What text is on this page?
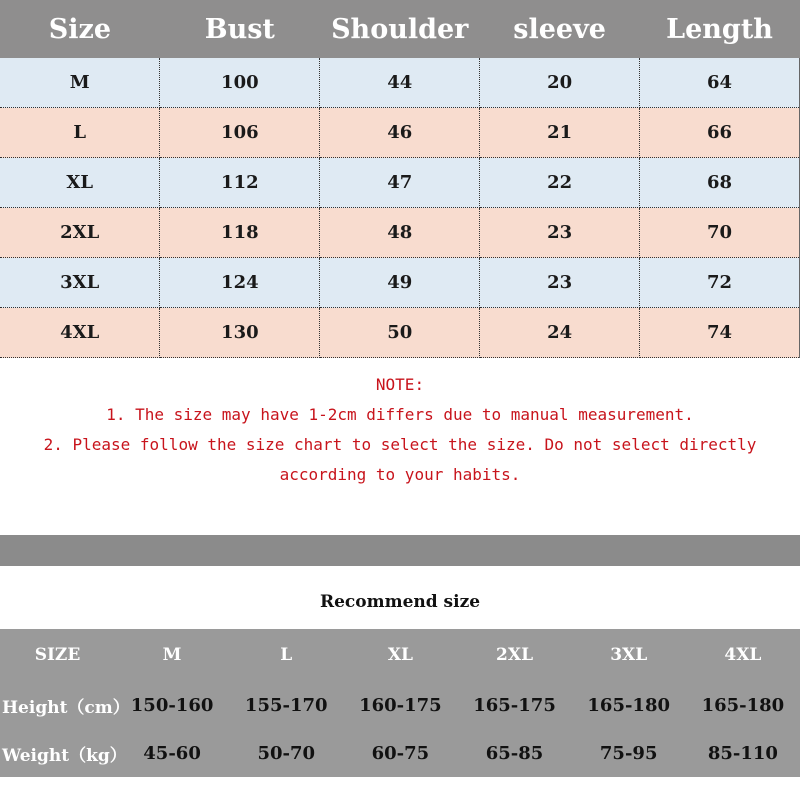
Size	Bust	Shoulder	sleeve	Length
M	100	44	20	64
L	106	46	21	66
XL	112	47	22	68
2XL	118	48	23	70
3XL	124	49	23	72
4XL	130	50	24	74
NOTE:
1. The size may have 1-2cm differs due to manual measurement.
2. Please follow the size chart to select the size. Do not select directly
according to your habits.
Recommend size
SIZE	M	L	XL	2XL	3XL	4XL
Height（cm）	150-160	155-170	160-175	165-175	165-180	165-180
Weight（kg）	45-60	50-70	60-75	65-85	75-95	85-110
